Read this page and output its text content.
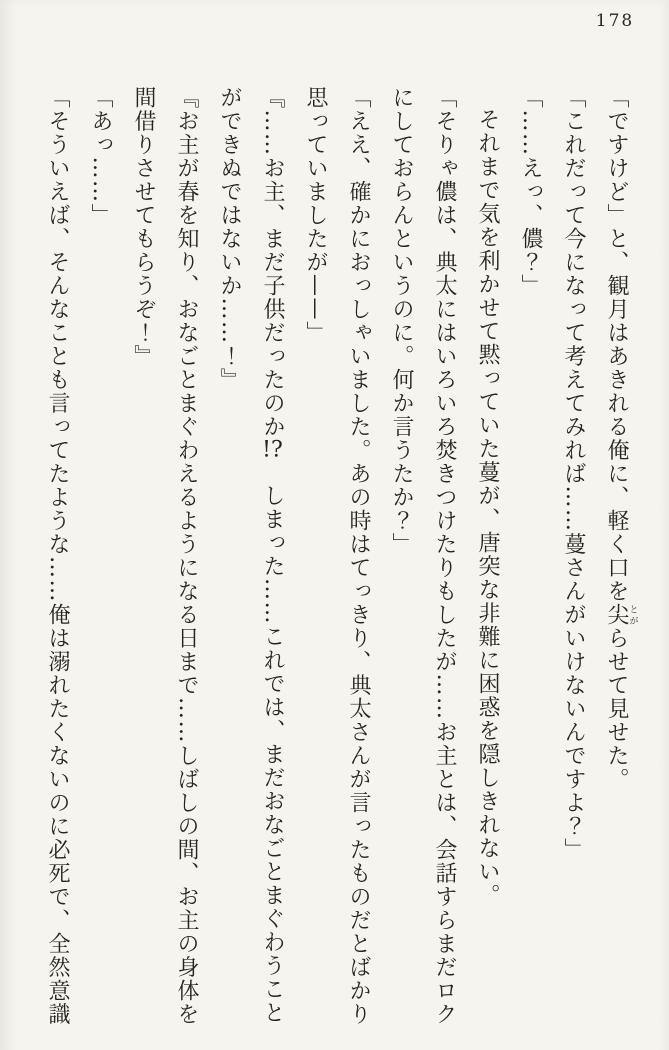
178

「ですけど」と、観月はあきれる俺に、軽く口を尖とがらせて見せた。

「これだって今になって考えてみれば……蔓さんがいけないんですよ？」

「……えっ、儂？」

それまで気を利かせて黙っていた蔓が、唐突な非難に困惑を隠しきれない。

「そりゃ儂は、典太にはいろいろ焚きつけたりもしたが……お主とは、会話すらまだロクにしておらんというのに。何か言うたか？」

「ええ、確かにおっしゃいました。あの時はてっきり、典太さんが言ったものだとばかり思っていましたが——」

『……お主、まだ子供だったのか!?　しまった……これでは、まだおなごとまぐわうことができぬではないか……！』

『お主が春を知り、おなごとまぐわえるようになる日まで……しばしの間、お主の身体を間借りさせてもらうぞ！』

「あっ……」

「そういえば、そんなことも言ってたような……俺は溺れたくないのに必死で、全然意識
